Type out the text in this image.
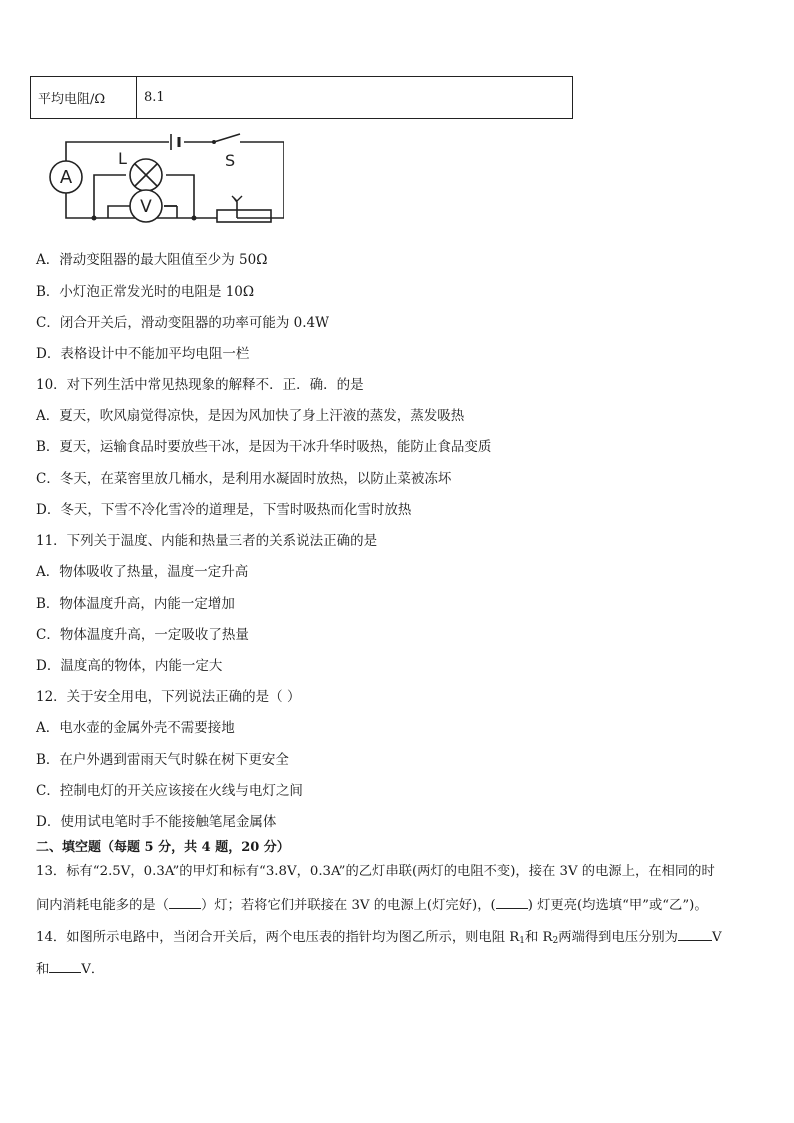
平均电阻/Ω	8.1
A
L
V
S
A．滑动变阻器的最大阻值至少为 50Ω
B．小灯泡正常发光时的电阻是 10Ω
C．闭合开关后，滑动变阻器的功率可能为 0.4W
D．表格设计中不能加平均电阻一栏
10．对下列生活中常见热现象的解释不．正．确．的是
A．夏天，吹风扇觉得凉快，是因为风加快了身上汗液的蒸发，蒸发吸热
B．夏天，运输食品时要放些干冰，是因为干冰升华时吸热，能防止食品变质
C．冬天，在菜窖里放几桶水，是利用水凝固时放热，以防止菜被冻坏
D．冬天，下雪不冷化雪冷的道理是，下雪时吸热而化雪时放热
11．下列关于温度、内能和热量三者的关系说法正确的是
A．物体吸收了热量，温度一定升高
B．物体温度升高，内能一定增加
C．物体温度升高，一定吸收了热量
D．温度高的物体，内能一定大
12．关于安全用电，下列说法正确的是（ ）
A．电水壶的金属外壳不需要接地
B．在户外遇到雷雨天气时躲在树下更安全
C．控制电灯的开关应该接在火线与电灯之间
D．使用试电笔时手不能接触笔尾金属体
二、填空题（每题 5 分，共 4 题，20 分）
13．标有“2.5V，0.3A”的甲灯和标有“3.8V，0.3A”的乙灯串联(两灯的电阻不变)，接在 3V 的电源上，在相同的时
间内消耗电能多的是（ ）灯；若将它们并联接在 3V 的电源上(灯完好)，( ) 灯更亮(均选填“甲”或“乙”)。
14．如图所示电路中，当闭合开关后，两个电压表的指针均为图乙所示，则电阻 $R_1$和 $R_2$两端得到电压分别为	V
和 V．
